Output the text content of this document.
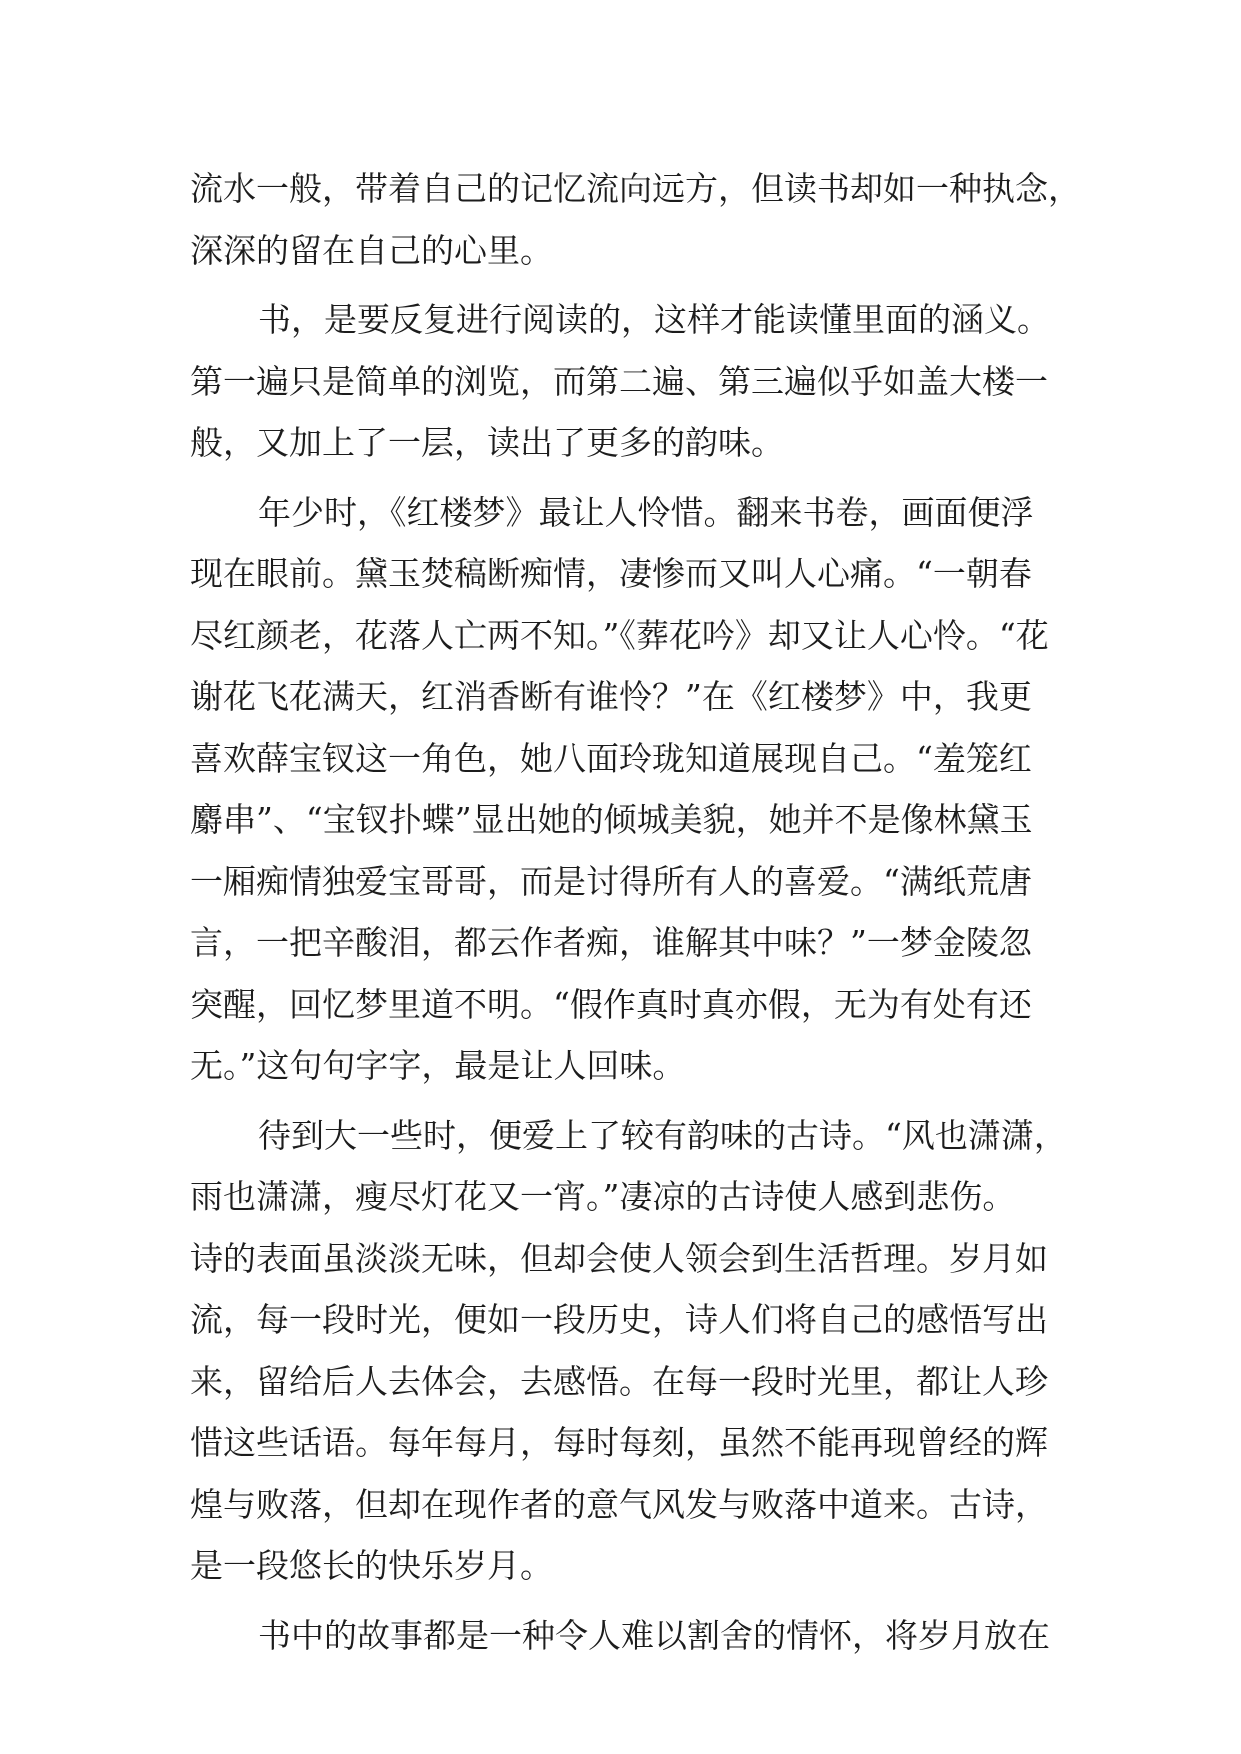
流水一般，带着自己的记忆流向远方，但读书却如一种执念，
深深的留在自己的心里。
书，是要反复进行阅读的，这样才能读懂里面的涵义。
第一遍只是简单的浏览，而第二遍、第三遍似乎如盖大楼一
般，又加上了一层，读出了更多的韵味。
年少时，《红楼梦》最让人怜惜。翻来书卷，画面便浮
现在眼前。黛玉焚稿断痴情，凄惨而又叫人心痛。“一朝春
尽红颜老，花落人亡两不知。”《葬花吟》却又让人心怜。“花
谢花飞花满天，红消香断有谁怜？”在《红楼梦》中，我更
喜欢薛宝钗这一角色，她八面玲珑知道展现自己。“羞笼红
麝串”、“宝钗扑蝶”显出她的倾城美貌，她并不是像林黛玉
一厢痴情独爱宝哥哥，而是讨得所有人的喜爱。“满纸荒唐
言，一把辛酸泪，都云作者痴，谁解其中味？”一梦金陵忽
突醒，回忆梦里道不明。“假作真时真亦假，无为有处有还
无。”这句句字字，最是让人回味。
待到大一些时，便爱上了较有韵味的古诗。“风也潇潇，
雨也潇潇，瘦尽灯花又一宵。”凄凉的古诗使人感到悲伤。
诗的表面虽淡淡无味，但却会使人领会到生活哲理。岁月如
流，每一段时光，便如一段历史，诗人们将自己的感悟写出
来，留给后人去体会，去感悟。在每一段时光里，都让人珍
惜这些话语。每年每月，每时每刻，虽然不能再现曾经的辉
煌与败落，但却在现作者的意气风发与败落中道来。古诗，
是一段悠长的快乐岁月。
书中的故事都是一种令人难以割舍的情怀，将岁月放在
